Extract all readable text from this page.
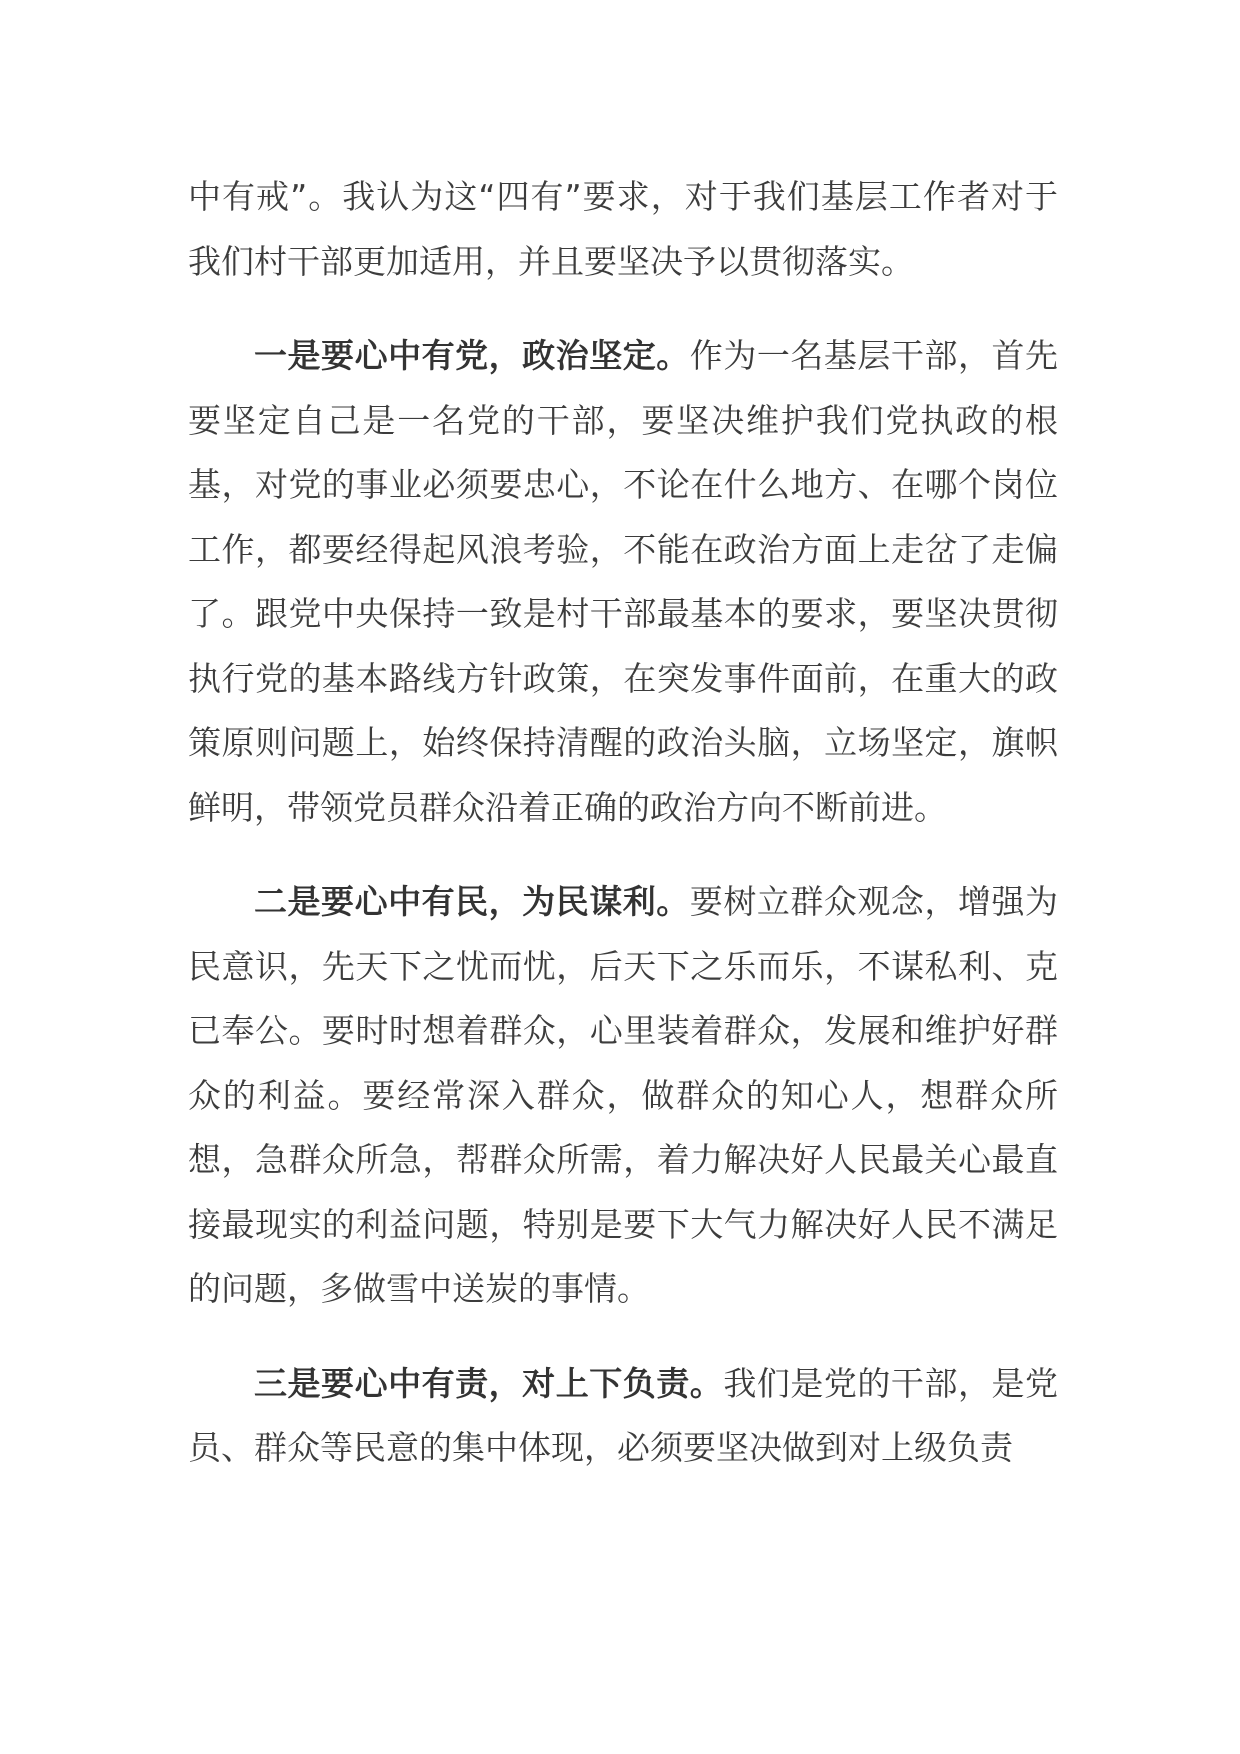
中有戒”。我认为这“四有”要求，对于我们基层工作者对于我们村干部更加适用，并且要坚决予以贯彻落实。

一是要心中有党，政治坚定。作为一名基层干部，首先要坚定自己是一名党的干部，要坚决维护我们党执政的根基，对党的事业必须要忠心，不论在什么地方、在哪个岗位工作，都要经得起风浪考验，不能在政治方面上走岔了走偏了。跟党中央保持一致是村干部最基本的要求，要坚决贯彻执行党的基本路线方针政策，在突发事件面前，在重大的政策原则问题上，始终保持清醒的政治头脑，立场坚定，旗帜鲜明，带领党员群众沿着正确的政治方向不断前进。

二是要心中有民，为民谋利。要树立群众观念，增强为民意识，先天下之忧而忧，后天下之乐而乐，不谋私利、克已奉公。要时时想着群众，心里装着群众，发展和维护好群众的利益。要经常深入群众，做群众的知心人，想群众所想，急群众所急，帮群众所需，着力解决好人民最关心最直接最现实的利益问题，特别是要下大气力解决好人民不满足的问题，多做雪中送炭的事情。

三是要心中有责，对上下负责。我们是党的干部，是党员、群众等民意的集中体现，必须要坚决做到对上级负责
